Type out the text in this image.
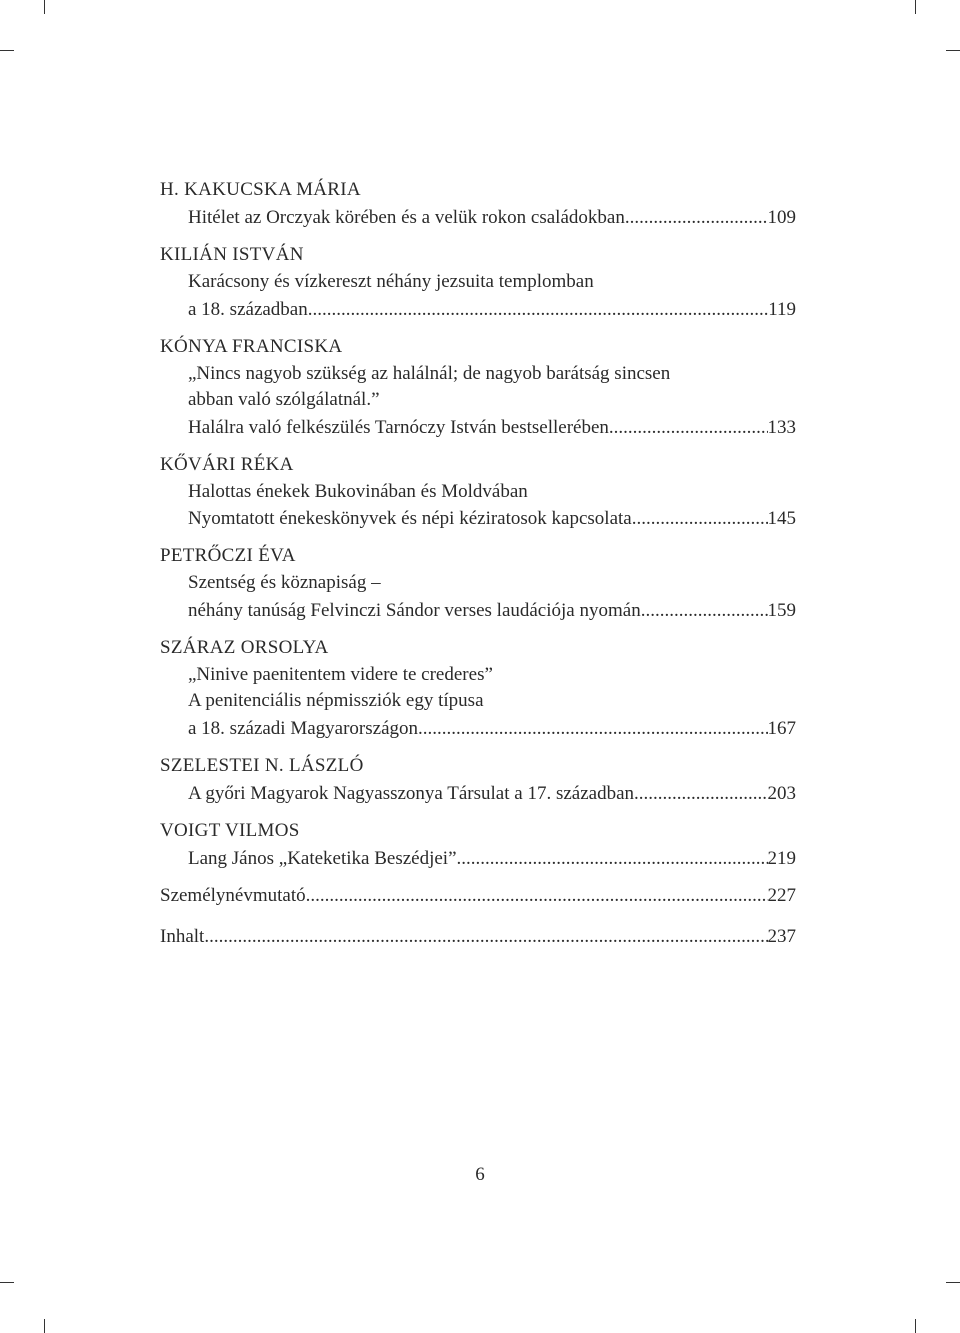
H. KAKUCSKA MÁRIA
Hitélet az Orczyak körében és a velük rokon családokban .....	109
KILIÁN ISTVÁN
Karácsony és vízkereszt néhány jezsuita templomban
a 18. században .....	119
KÓNYA FRANCISKA
„Nincs nagyob szükség az halálnál; de nagyob barátság sincsen
abban való szólgálatnál.”
Halálra való felkészülés Tarnóczy István bestsellerében .....	133
KŐVÁRI RÉKA
Halottas énekek Bukovinában és Moldvában
Nyomtatott énekeskönyvek és népi kéziratosok kapcsolata .....	145
PETRŐCZI ÉVA
Szentség és köznapiság –
néhány tanúság Felvinczi Sándor verses laudációja nyomán .....	159
SZÁRAZ ORSOLYA
„Ninive paenitentem videre te crederes”
A penitenciális népmissziók egy típusa
a 18. századi Magyarországon .....	167
SZELESTEI N. LÁSZLÓ
A győri Magyarok Nagyasszonya Társulat a 17. században .....	203
VOIGT VILMOS
Lang János „Kateketika Beszédjei” .....	219
Személynévmutató .....	227
Inhalt .....	237
6
